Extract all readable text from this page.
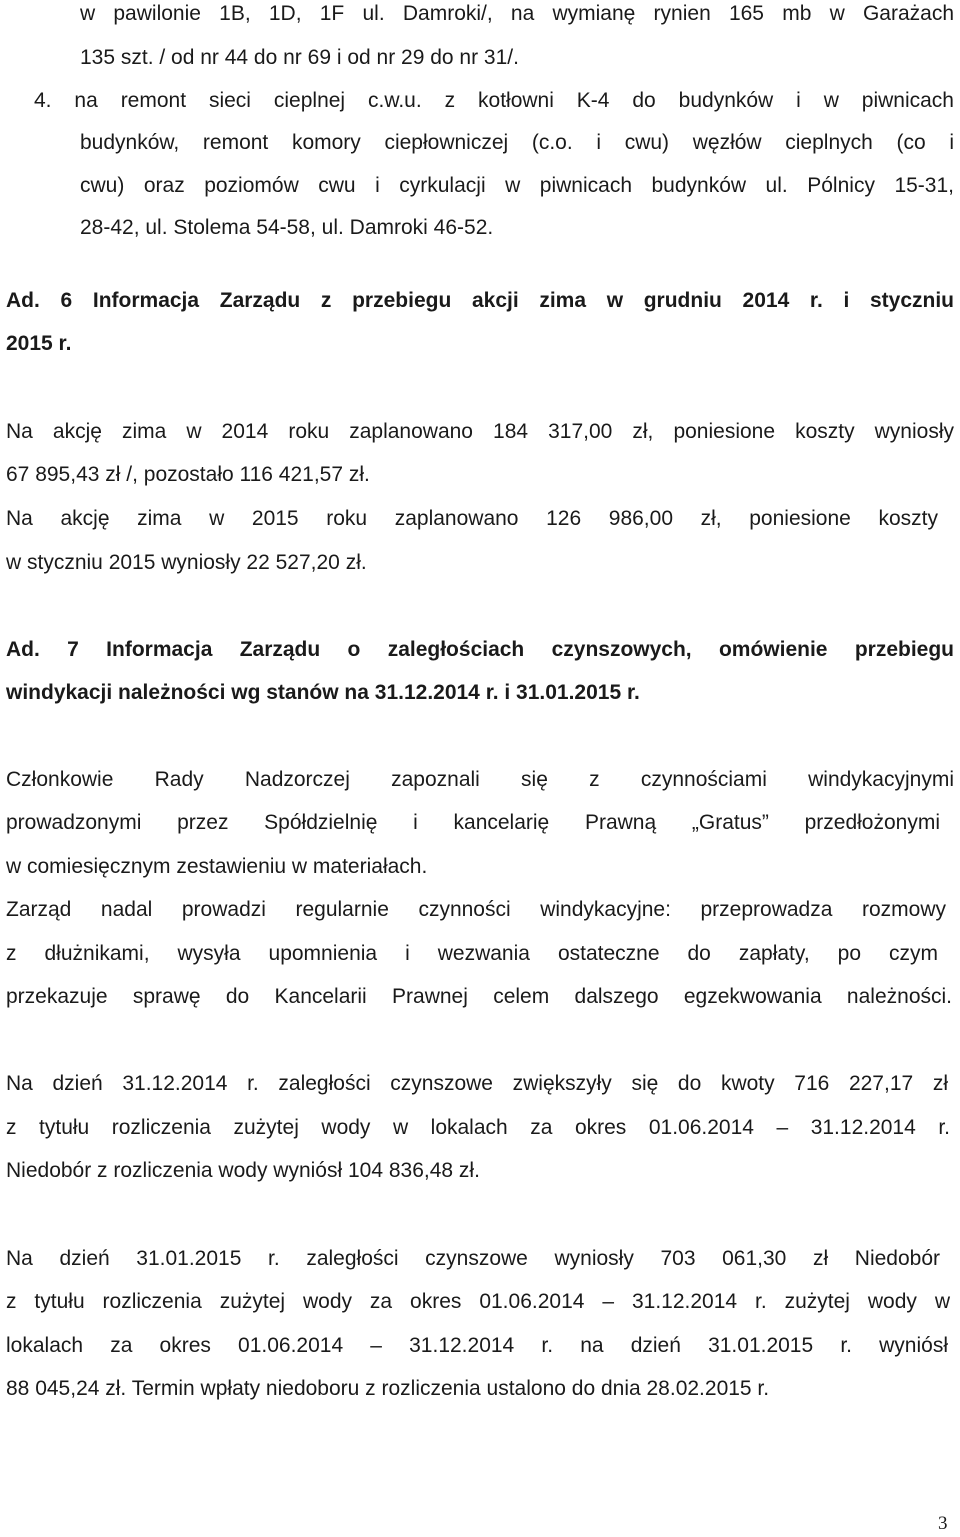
w pawilonie 1B, 1D, 1F ul. Damroki/, na wymianę rynien 165 mb w Garażach
135 szt. / od nr 44 do nr 69 i od nr 29 do nr 31/.
4. na remont sieci cieplnej c.w.u. z kotłowni K-4 do budynków i w piwnicach
budynków, remont komory ciepłowniczej (c.o. i cwu) węzłów cieplnych (co i
cwu) oraz poziomów cwu i cyrkulacji w piwnicach budynków ul. Pólnicy 15-31,
28-42, ul. Stolema 54-58, ul. Damroki 46-52.
Ad. 6 Informacja Zarządu z przebiegu akcji zima w grudniu 2014 r. i styczniu
2015 r.
Na akcję zima w 2014 roku zaplanowano 184 317,00 zł, poniesione koszty wyniosły
67 895,43 zł /, pozostało 116 421,57 zł.
Na akcję zima w 2015 roku zaplanowano 126 986,00 zł, poniesione koszty
w styczniu 2015 wyniosły 22 527,20 zł.
Ad. 7 Informacja Zarządu o zaległościach czynszowych, omówienie przebiegu
windykacji należności wg stanów na 31.12.2014 r. i 31.01.2015 r.
Członkowie Rady Nadzorczej zapoznali się z czynnościami windykacyjnymi
prowadzonymi przez Spółdzielnię i kancelarię Prawną „Gratus” przedłożonymi
w comiesięcznym zestawieniu w materiałach.
Zarząd nadal prowadzi regularnie czynności windykacyjne: przeprowadza rozmowy
z dłużnikami, wysyła upomnienia i wezwania ostateczne do zapłaty, po czym
przekazuje sprawę do Kancelarii Prawnej celem dalszego egzekwowania należności.
Na dzień 31.12.2014 r. zaległości czynszowe zwiększyły się do kwoty 716 227,17 zł
z tytułu rozliczenia zużytej wody w lokalach za okres 01.06.2014 – 31.12.2014 r.
Niedobór z rozliczenia wody wyniósł 104 836,48 zł.
Na dzień 31.01.2015 r. zaległości czynszowe wyniosły 703 061,30 zł Niedobór
z tytułu rozliczenia zużytej wody za okres 01.06.2014 – 31.12.2014 r. zużytej wody w
lokalach za okres 01.06.2014 – 31.12.2014 r. na dzień 31.01.2015 r. wyniósł
88 045,24 zł. Termin wpłaty niedoboru z rozliczenia ustalono do dnia 28.02.2015 r.
3
